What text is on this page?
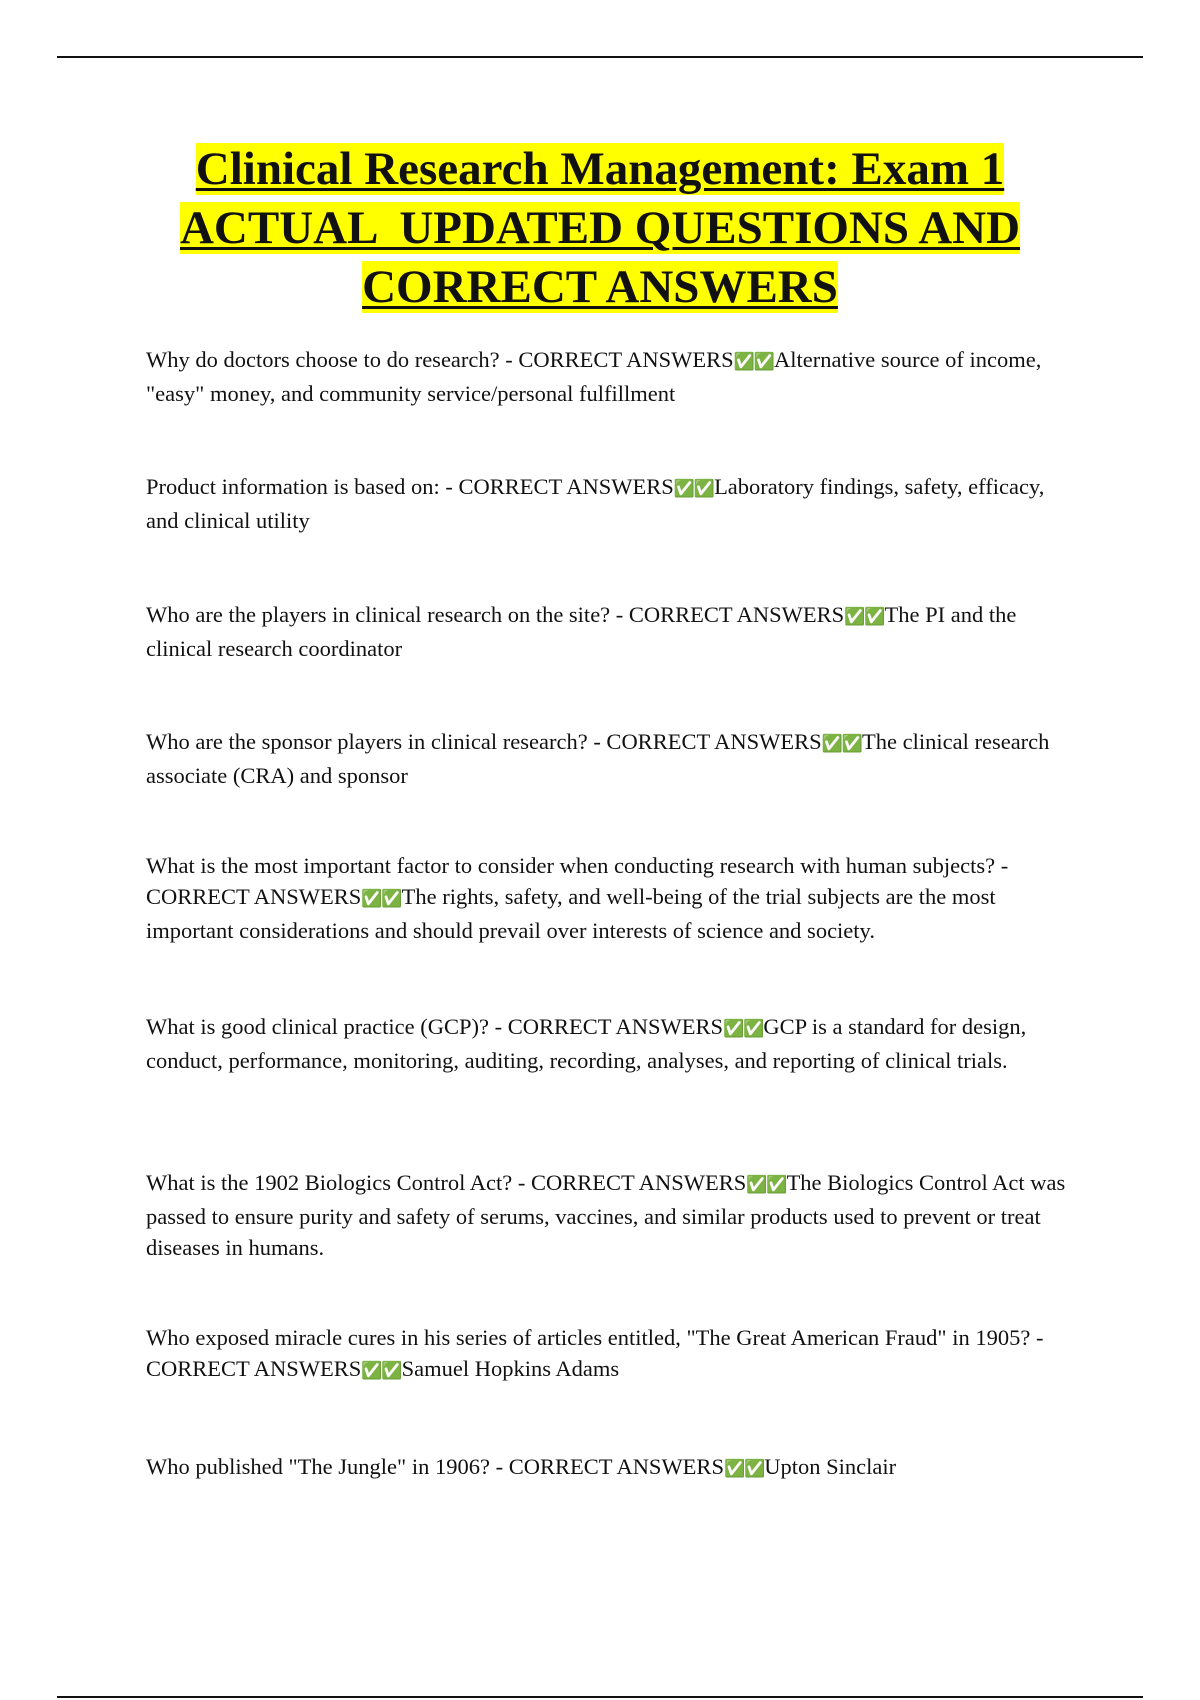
Clinical Research Management: Exam 1
ACTUAL  UPDATED QUESTIONS AND
CORRECT ANSWERS

Why do doctors choose to do research? - CORRECT ANSWERS✅✅Alternative source of income, "easy" money, and community service/personal fulfillment

Product information is based on: - CORRECT ANSWERS✅✅Laboratory findings, safety, efficacy, and clinical utility

Who are the players in clinical research on the site? - CORRECT ANSWERS✅✅The PI and the clinical research coordinator

Who are the sponsor players in clinical research? - CORRECT ANSWERS✅✅The clinical research associate (CRA) and sponsor

What is the most important factor to consider when conducting research with human subjects? - CORRECT ANSWERS✅✅The rights, safety, and well-being of the trial subjects are the most important considerations and should prevail over interests of science and society.

What is good clinical practice (GCP)? - CORRECT ANSWERS✅✅GCP is a standard for design, conduct, performance, monitoring, auditing, recording, analyses, and reporting of clinical trials.

What is the 1902 Biologics Control Act? - CORRECT ANSWERS✅✅The Biologics Control Act was passed to ensure purity and safety of serums, vaccines, and similar products used to prevent or treat diseases in humans.

Who exposed miracle cures in his series of articles entitled, "The Great American Fraud" in 1905? - CORRECT ANSWERS✅✅Samuel Hopkins Adams

Who published "The Jungle" in 1906? - CORRECT ANSWERS✅✅Upton Sinclair
